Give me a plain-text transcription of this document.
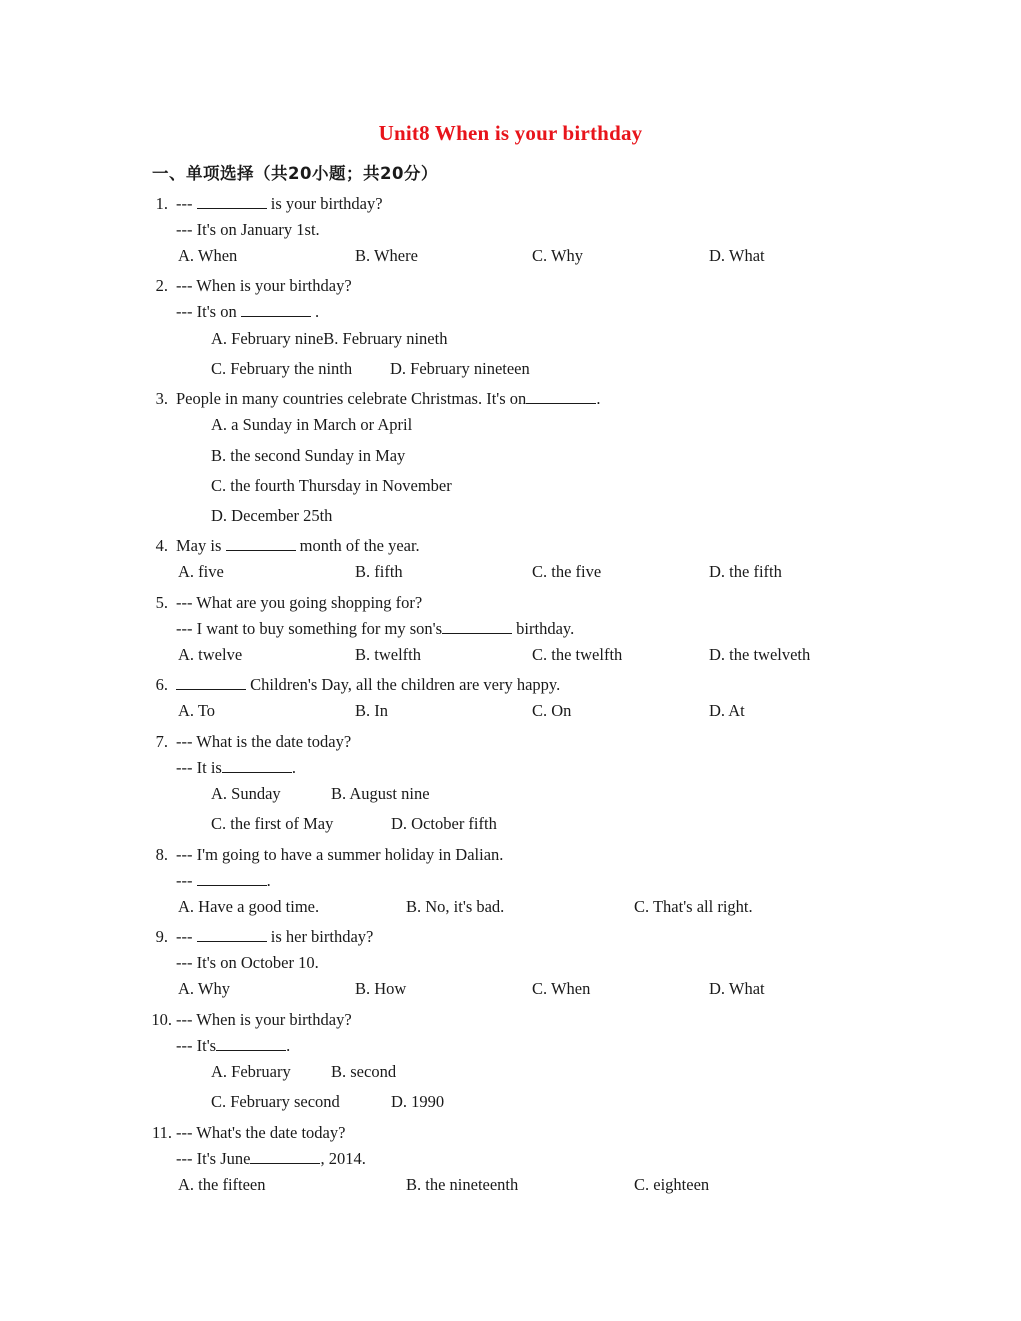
Unit8 When is your birthday
一、单项选择（共20小题；共20分）
1. ---	is your birthday?
--- It's on January 1st.
A. When	B. Where	C. Why	D. What
2. --- When is your birthday?
--- It's on	.
A. February nineB. February nineth
C. February the ninth D. February nineteen
3. People in many countries celebrate Christmas. It's on	.
A. a Sunday in March or April
B. the second Sunday in May
C. the fourth Thursday in November
D. December 25th
4. May is	month of the year.
A. five	B. fifth	C. the five	D. the fifth
5. --- What are you going shopping for?
--- I want to buy something for my son's	birthday.
A. twelve	B. twelfth	C. the twelfth	D. the twelveth
6.	Children's Day, all the children are very happy.
A. To	B. In	C. On	D. At
7. --- What is the date today?
--- It is	.
A. Sunday	B. August nine
C. the first of May	D. October fifth
8. --- I'm going to have a summer holiday in Dalian.
---	.
A. Have a good time.	B. No, it's bad.	C. That's all right.
9. ---	is her birthday?
--- It's on October 10.
A. Why	B. How	C. When	D. What
10. --- When is your birthday?
--- It's	.
A. February B. second
C. February second	D. 1990
11. --- What's the date today?
--- It's June	, 2014.
A. the fifteen	B. the nineteenth	C. eighteen
